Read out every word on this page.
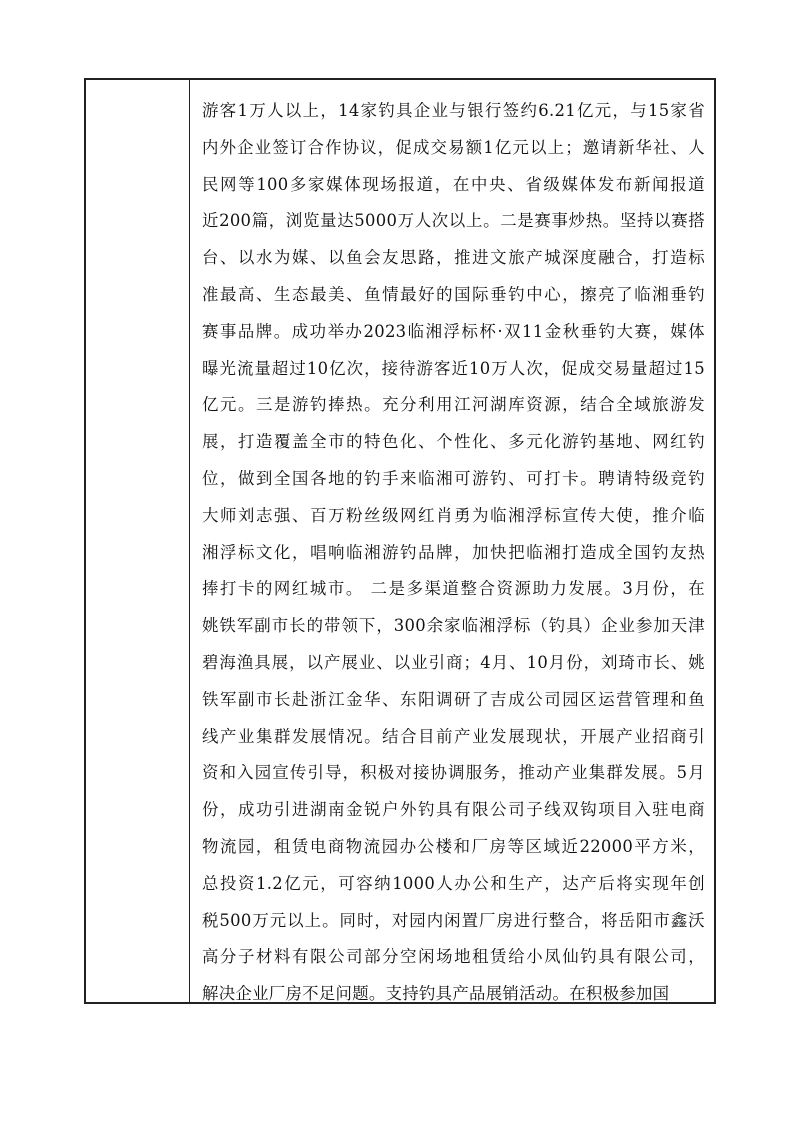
游客1万人以上，14家钓具企业与银行签约6.21亿元，与15家省
内外企业签订合作协议，促成交易额1亿元以上；邀请新华社、人
民网等100多家媒体现场报道，在中央、省级媒体发布新闻报道
近200篇，浏览量达5000万人次以上。二是赛事炒热。坚持以赛搭
台、以水为媒、以鱼会友思路，推进文旅产城深度融合，打造标
准最高、生态最美、鱼情最好的国际垂钓中心，擦亮了临湘垂钓
赛事品牌。成功举办2023临湘浮标杯·双11金秋垂钓大赛，媒体
曝光流量超过10亿次，接待游客近10万人次，促成交易量超过15
亿元。三是游钓捧热。充分利用江河湖库资源，结合全域旅游发
展，打造覆盖全市的特色化、个性化、多元化游钓基地、网红钓
位，做到全国各地的钓手来临湘可游钓、可打卡。聘请特级竞钓
大师刘志强、百万粉丝级网红肖勇为临湘浮标宣传大使，推介临
湘浮标文化，唱响临湘游钓品牌，加快把临湘打造成全国钓友热
捧打卡的网红城市。 二是多渠道整合资源助力发展。3月份，在
姚铁军副市长的带领下，300余家临湘浮标（钓具）企业参加天津
碧海渔具展，以产展业、以业引商；4月、10月份，刘琦市长、姚
铁军副市长赴浙江金华、东阳调研了吉成公司园区运营管理和鱼
线产业集群发展情况。结合目前产业发展现状，开展产业招商引
资和入园宣传引导，积极对接协调服务，推动产业集群发展。5月
份，成功引进湖南金锐户外钓具有限公司子线双钩项目入驻电商
物流园，租赁电商物流园办公楼和厂房等区域近22000平方米，
总投资1.2亿元，可容纳1000人办公和生产，达产后将实现年创
税500万元以上。同时，对园内闲置厂房进行整合，将岳阳市鑫沃
高分子材料有限公司部分空闲场地租赁给小凤仙钓具有限公司，
解决企业厂房不足问题。支持钓具产品展销活动。在积极参加国
